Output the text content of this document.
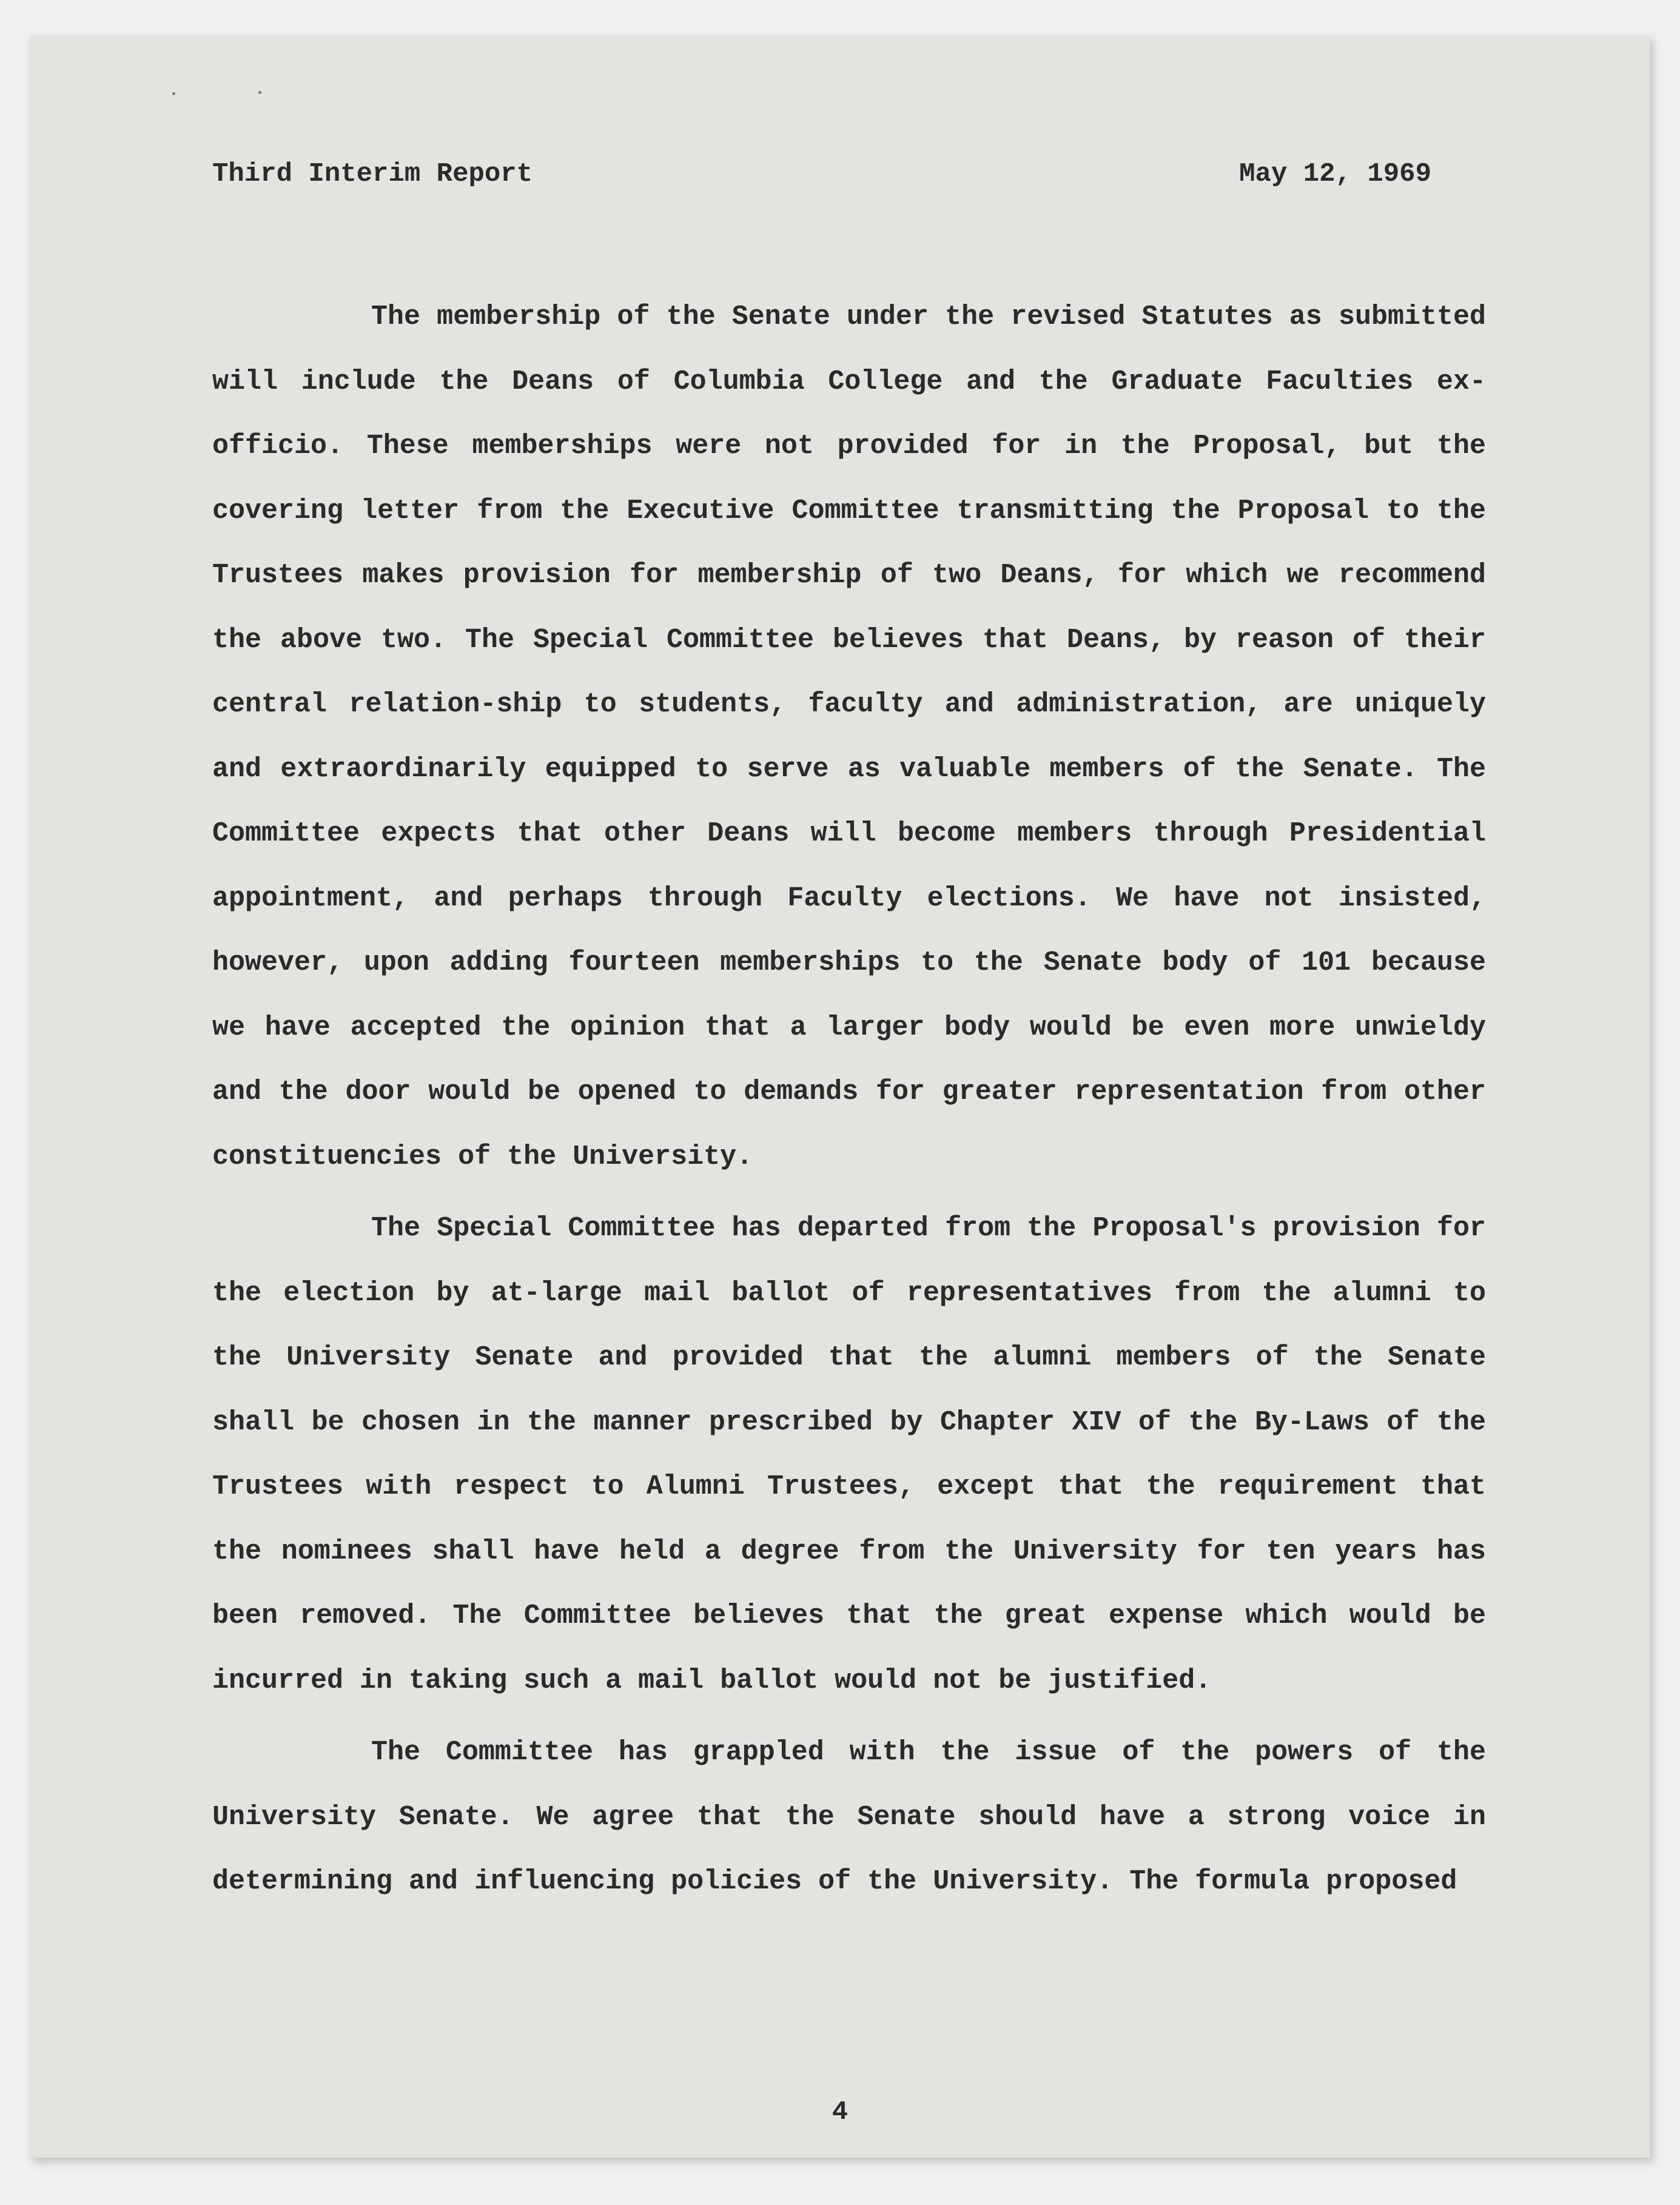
Third Interim Report	May 12, 1969

The membership of the Senate under the revised Statutes as submitted will include the Deans of Columbia College and the Graduate Faculties ex-officio. These memberships were not provided for in the Proposal, but the covering letter from the Executive Committee transmitting the Proposal to the Trustees makes provision for membership of two Deans, for which we recommend the above two. The Special Committee believes that Deans, by reason of their central relation-ship to students, faculty and administration, are uniquely and extraordinarily equipped to serve as valuable members of the Senate. The Committee expects that other Deans will become members through Presidential appointment, and perhaps through Faculty elections. We have not insisted, however, upon adding fourteen memberships to the Senate body of 101 because we have accepted the opinion that a larger body would be even more unwieldy and the door would be opened to demands for greater representation from other constituencies of the University.

The Special Committee has departed from the Proposal's provision for the election by at-large mail ballot of representatives from the alumni to the University Senate and provided that the alumni members of the Senate shall be chosen in the manner prescribed by Chapter XIV of the By-Laws of the Trustees with respect to Alumni Trustees, except that the requirement that the nominees shall have held a degree from the University for ten years has been removed. The Committee believes that the great expense which would be incurred in taking such a mail ballot would not be justified.

The Committee has grappled with the issue of the powers of the University Senate. We agree that the Senate should have a strong voice in determining and influencing policies of the University. The formula proposed

4
